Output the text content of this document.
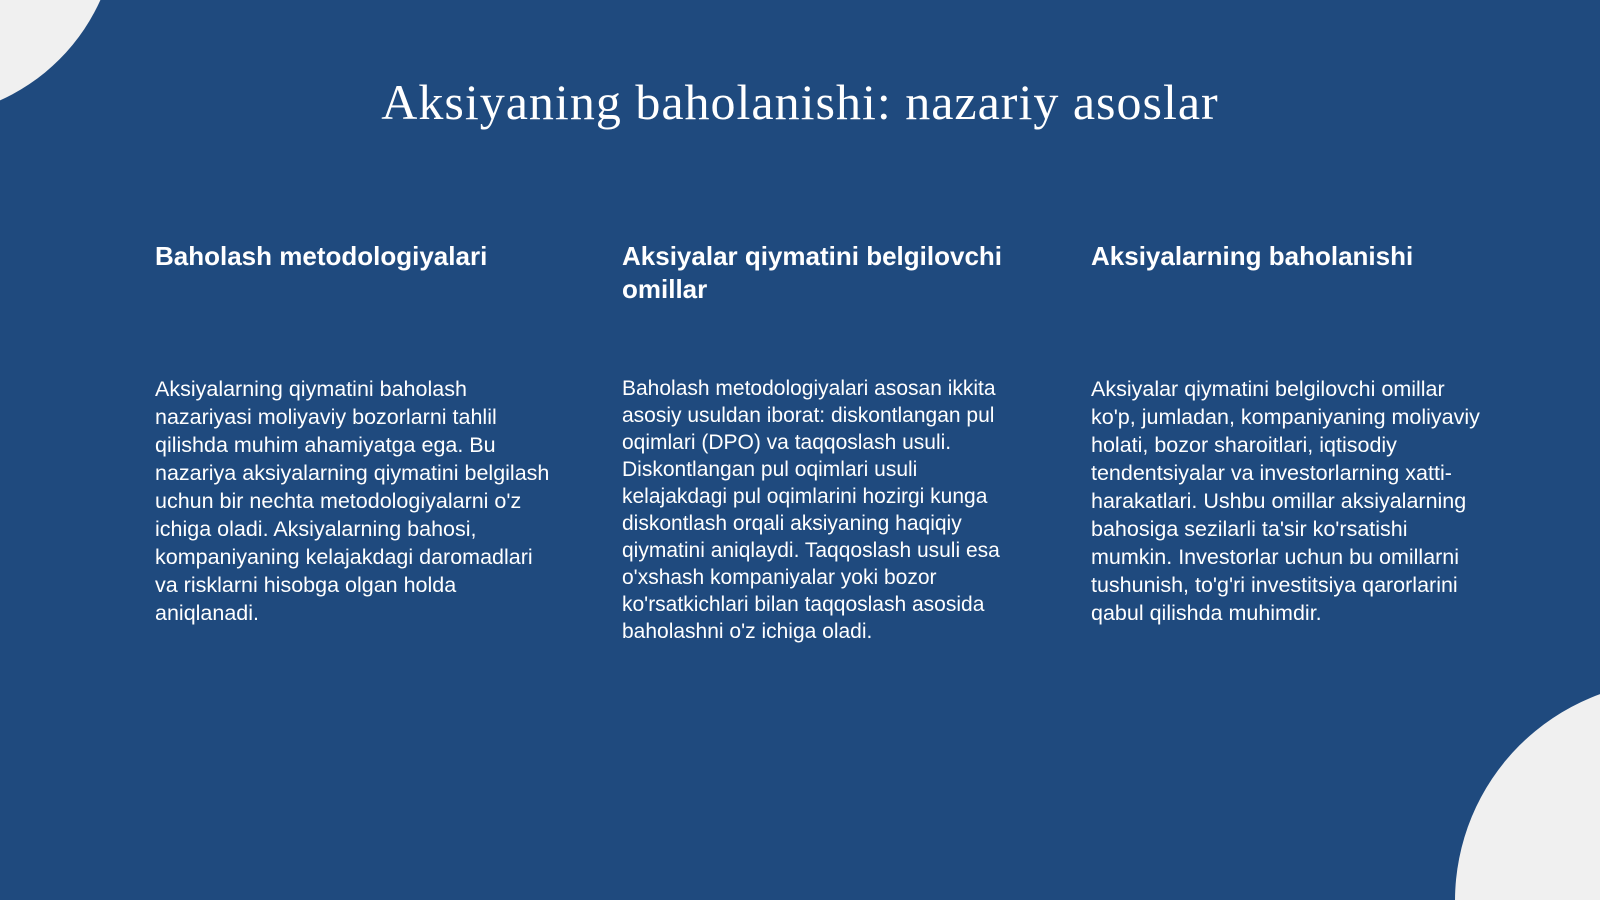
Aksiyaning baholanishi: nazariy asoslar
Baholash metodologiyalari

Aksiyalarning qiymatini baholash nazariyasi moliyaviy bozorlarni tahlil qilishda muhim ahamiyatga ega. Bu nazariya aksiyalarning qiymatini belgilash uchun bir nechta metodologiyalarni o'z ichiga oladi. Aksiyalarning bahosi, kompaniyaning kelajakdagi daromadlari va risklarni hisobga olgan holda aniqlanadi.

Aksiyalar qiymatini belgilovchi omillar

Baholash metodologiyalari asosan ikkita asosiy usuldan iborat: diskontlangan pul oqimlari (DPO) va taqqoslash usuli. Diskontlangan pul oqimlari usuli kelajakdagi pul oqimlarini hozirgi kunga diskontlash orqali aksiyaning haqiqiy qiymatini aniqlaydi. Taqqoslash usuli esa o'xshash kompaniyalar yoki bozor ko'rsatkichlari bilan taqqoslash asosida baholashni o'z ichiga oladi.

Aksiyalarning baholanishi

Aksiyalar qiymatini belgilovchi omillar ko'p, jumladan, kompaniyaning moliyaviy holati, bozor sharoitlari, iqtisodiy tendentsiyalar va investorlarning xatti-harakatlari. Ushbu omillar aksiyalarning bahosiga sezilarli ta'sir ko'rsatishi mumkin. Investorlar uchun bu omillarni tushunish, to'g'ri investitsiya qarorlarini qabul qilishda muhimdir.
